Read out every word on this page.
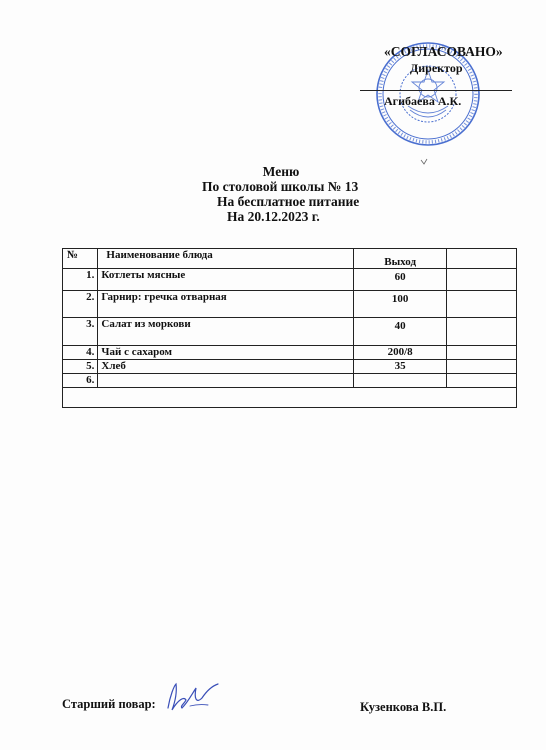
«СОГЛАСОВАНО»
Директор
Агибаева А.К.
Меню
По столовой школы № 13
На бесплатное питание
На 20.12.2023 г.
№	Наименование блюда	Выход	
1.	Котлеты мясные	60	
2.	Гарнир: гречка отварная	100	
3.	Салат из моркови	40	
4.	Чай с сахаром	200/8	
5.	Хлеб	35	
6.			

Старший повар:	Кузенкова В.П.
